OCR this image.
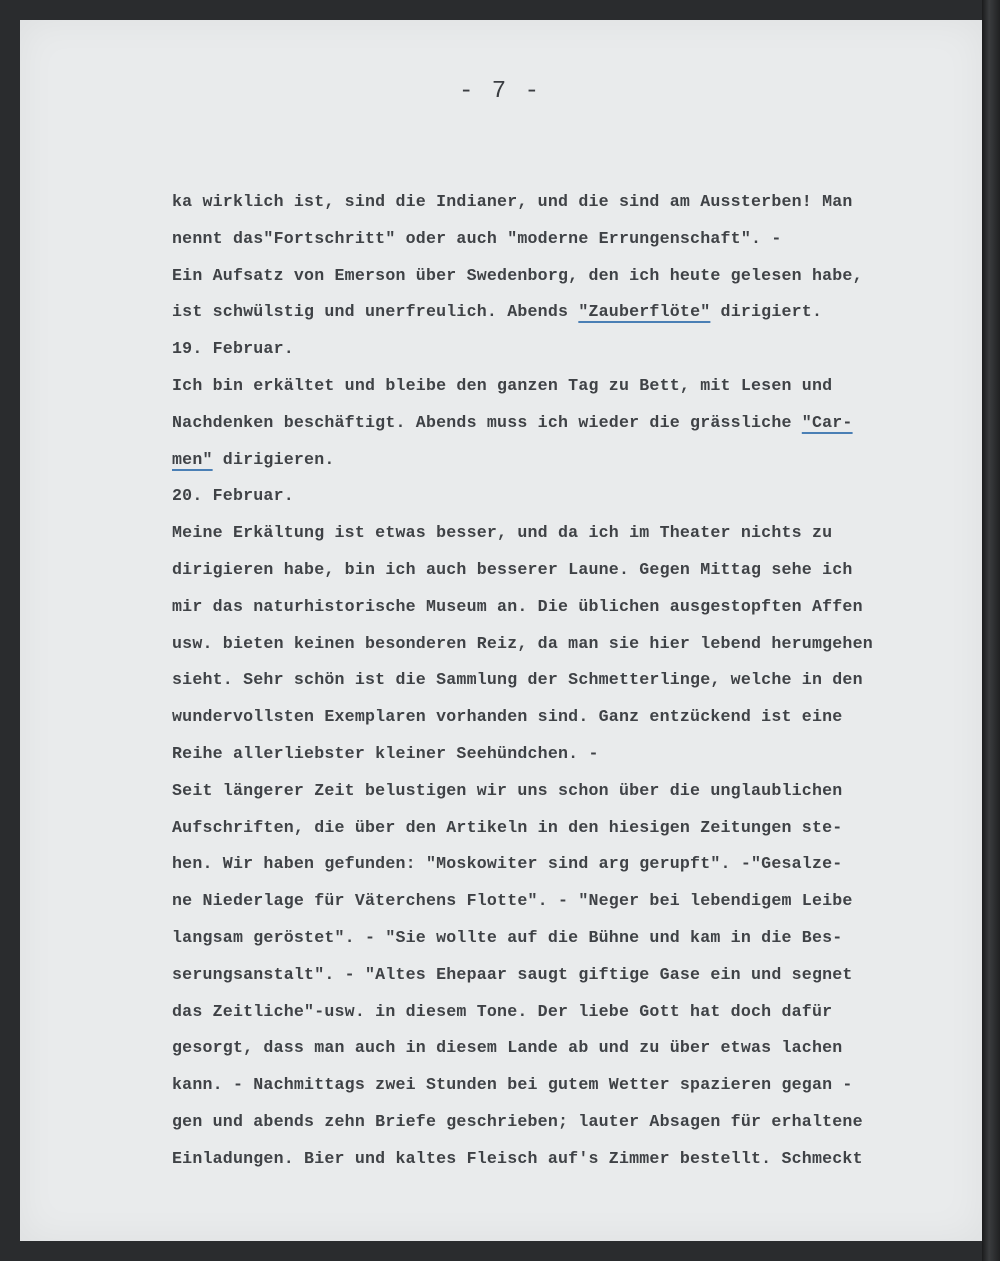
- 7 -
ka wirklich ist, sind die Indianer, und die sind am Aussterben! Man
nennt das"Fortschritt" oder auch "moderne Errungenschaft". -
Ein Aufsatz von Emerson über Swedenborg, den ich heute gelesen habe,
ist schwülstig und unerfreulich. Abends "Zauberflöte" dirigiert.
19. Februar.
Ich bin erkältet und bleibe den ganzen Tag zu Bett, mit Lesen und
Nachdenken beschäftigt. Abends muss ich wieder die grässliche "Car-
men" dirigieren.
20. Februar.
Meine Erkältung ist etwas besser, und da ich im Theater nichts zu
dirigieren habe, bin ich auch besserer Laune. Gegen Mittag sehe ich
mir das naturhistorische Museum an. Die üblichen ausgestopften Affen
usw. bieten keinen besonderen Reiz, da man sie hier lebend herumgehen
sieht. Sehr schön ist die Sammlung der Schmetterlinge, welche in den
wundervollsten Exemplaren vorhanden sind. Ganz entzückend ist eine
Reihe allerliebster kleiner Seehündchen. -
Seit längerer Zeit belustigen wir uns schon über die unglaublichen
Aufschriften, die über den Artikeln in den hiesigen Zeitungen ste-
hen. Wir haben gefunden: "Moskowiter sind arg gerupft". -"Gesalze-
ne Niederlage für Väterchens Flotte". - "Neger bei lebendigem Leibe
langsam geröstet". - "Sie wollte auf die Bühne und kam in die Bes-
serungsanstalt". - "Altes Ehepaar saugt giftige Gase ein und segnet
das Zeitliche"-usw. in diesem Tone. Der liebe Gott hat doch dafür
gesorgt, dass man auch in diesem Lande ab und zu über etwas lachen
kann. - Nachmittags zwei Stunden bei gutem Wetter spazieren gegan -
gen und abends zehn Briefe geschrieben; lauter Absagen für erhaltene
Einladungen. Bier und kaltes Fleisch auf's Zimmer bestellt. Schmeckt
